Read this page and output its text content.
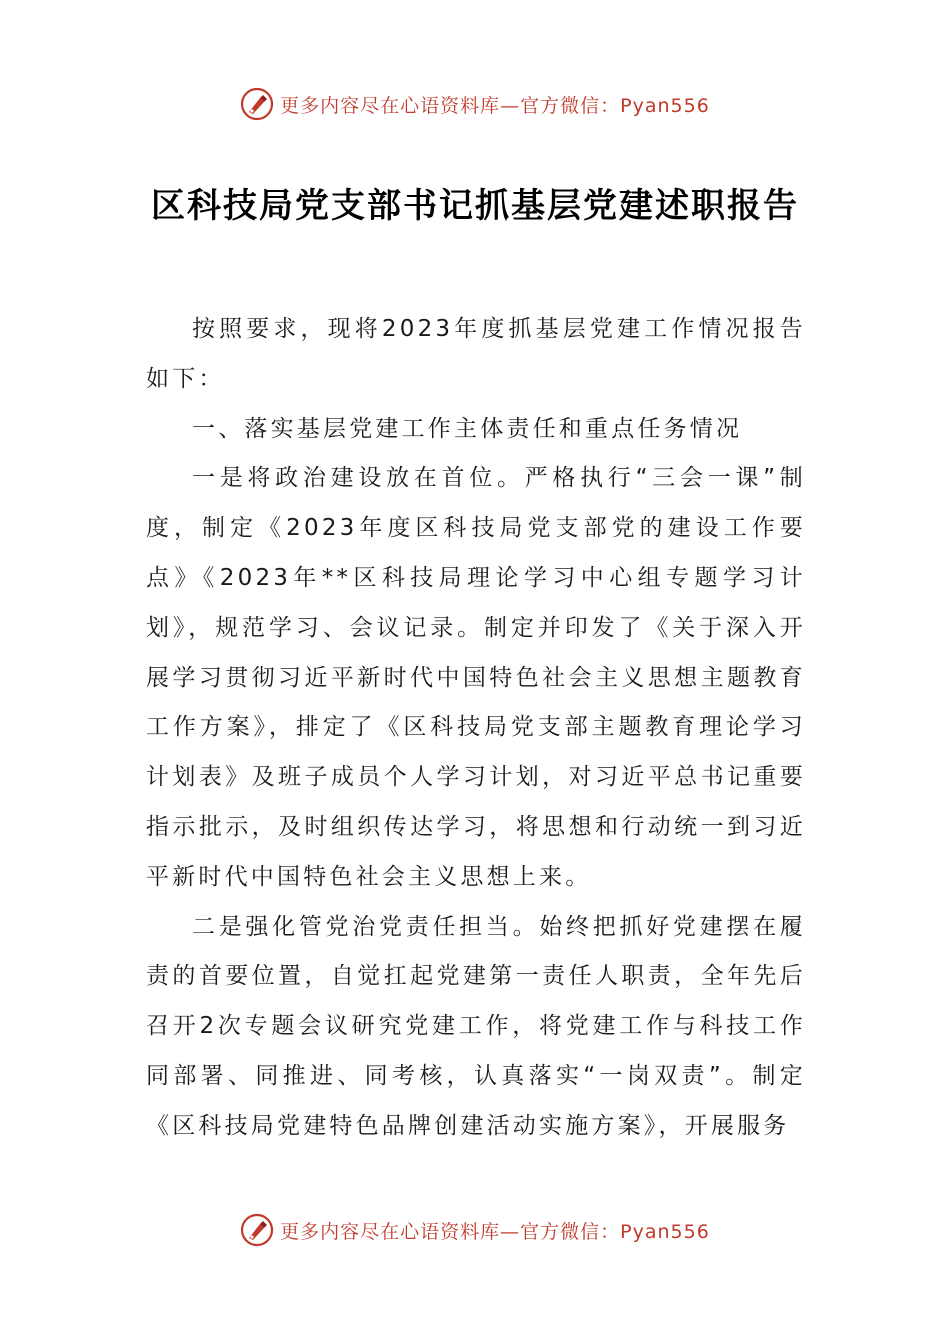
更多内容尽在心语资料库—官方微信：Pyan556
区科技局党支部书记抓基层党建述职报告

按照要求，现将2023年度抓基层党建工作情况报告如下：

一、落实基层党建工作主体责任和重点任务情况

一是将政治建设放在首位。严格执行“三会一课”制度，制定《2023年度区科技局党支部党的建设工作要点》《2023年**区科技局理论学习中心组专题学习计划》，规范学习、会议记录。制定并印发了《关于深入开展学习贯彻习近平新时代中国特色社会主义思想主题教育工作方案》，排定了《区科技局党支部主题教育理论学习计划表》及班子成员个人学习计划，对习近平总书记重要指示批示，及时组织传达学习，将思想和行动统一到习近平新时代中国特色社会主义思想上来。

二是强化管党治党责任担当。始终把抓好党建摆在履责的首要位置，自觉扛起党建第一责任人职责，全年先后召开2次专题会议研究党建工作，将党建工作与科技工作同部署、同推进、同考核，认真落实“一岗双责”。制定《区科技局党建特色品牌创建活动实施方案》，开展服务

更多内容尽在心语资料库—官方微信：Pyan556
